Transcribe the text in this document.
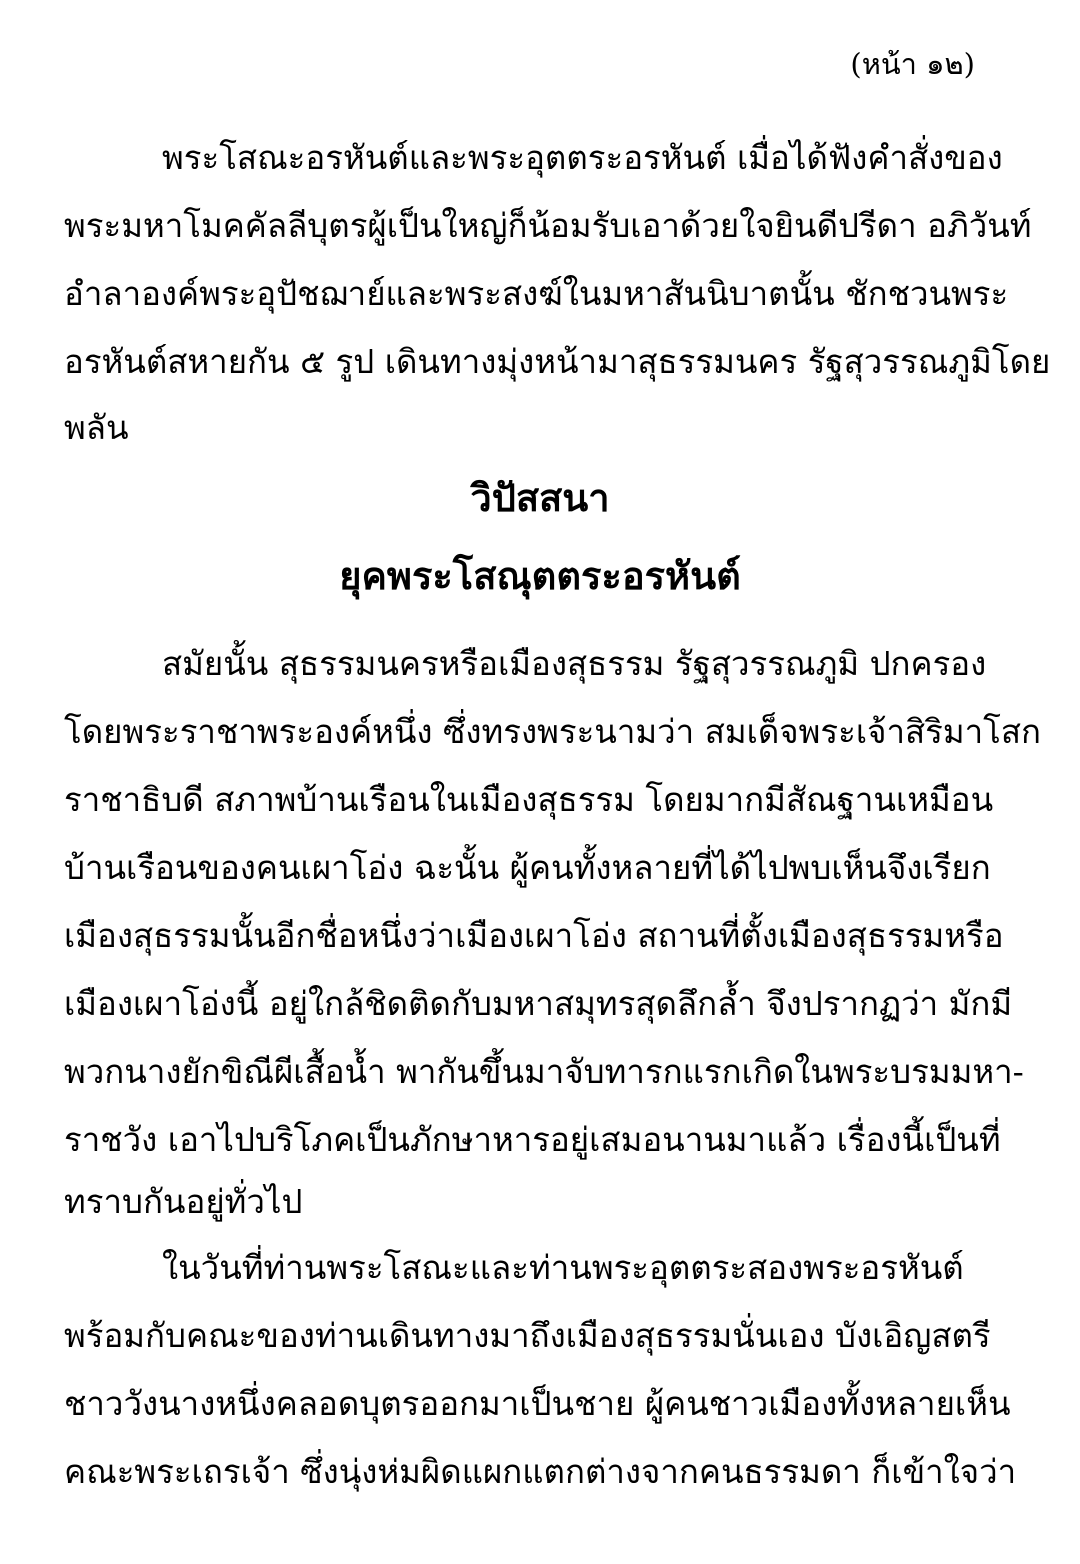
(หน้า ๑๒)
พระโสณะอรหันต์และพระอุตตระอรหันต์ เมื่อได้ฟังคำสั่งของ
พระมหาโมคคัลลีบุตรผู้เป็นใหญ่ก็น้อมรับเอาด้วยใจยินดีปรีดา อภิวันท์
อำลาองค์พระอุปัชฌาย์และพระสงฆ์ในมหาสันนิบาตนั้น ชักชวนพระ
อรหันต์สหายกัน ๕ รูป เดินทางมุ่งหน้ามาสุธรรมนคร รัฐสุวรรณภูมิโดย
พลัน
วิปัสสนา
ยุคพระโสณุตตระอรหันต์
สมัยนั้น สุธรรมนครหรือเมืองสุธรรม รัฐสุวรรณภูมิ ปกครอง
โดยพระราชาพระองค์หนึ่ง ซึ่งทรงพระนามว่า สมเด็จพระเจ้าสิริมาโสก
ราชาธิบดี สภาพบ้านเรือนในเมืองสุธรรม โดยมากมีสัณฐานเหมือน
บ้านเรือนของคนเผาโอ่ง ฉะนั้น ผู้คนทั้งหลายที่ได้ไปพบเห็นจึงเรียก
เมืองสุธรรมนั้นอีกชื่อหนึ่งว่าเมืองเผาโอ่ง สถานที่ตั้งเมืองสุธรรมหรือ
เมืองเผาโอ่งนี้ อยู่ใกล้ชิดติดกับมหาสมุทรสุดลึกล้ำ จึงปรากฏว่า มักมี
พวกนางยักขิณีผีเสื้อน้ำ พากันขึ้นมาจับทารกแรกเกิดในพระบรมมหา-
ราชวัง เอาไปบริโภคเป็นภักษาหารอยู่เสมอนานมาแล้ว เรื่องนี้เป็นที่
ทราบกันอยู่ทั่วไป
ในวันที่ท่านพระโสณะและท่านพระอุตตระสองพระอรหันต์
พร้อมกับคณะของท่านเดินทางมาถึงเมืองสุธรรมนั่นเอง บังเอิญสตรี
ชาววังนางหนึ่งคลอดบุตรออกมาเป็นชาย ผู้คนชาวเมืองทั้งหลายเห็น
คณะพระเถรเจ้า ซึ่งนุ่งห่มผิดแผกแตกต่างจากคนธรรมดา ก็เข้าใจว่า
